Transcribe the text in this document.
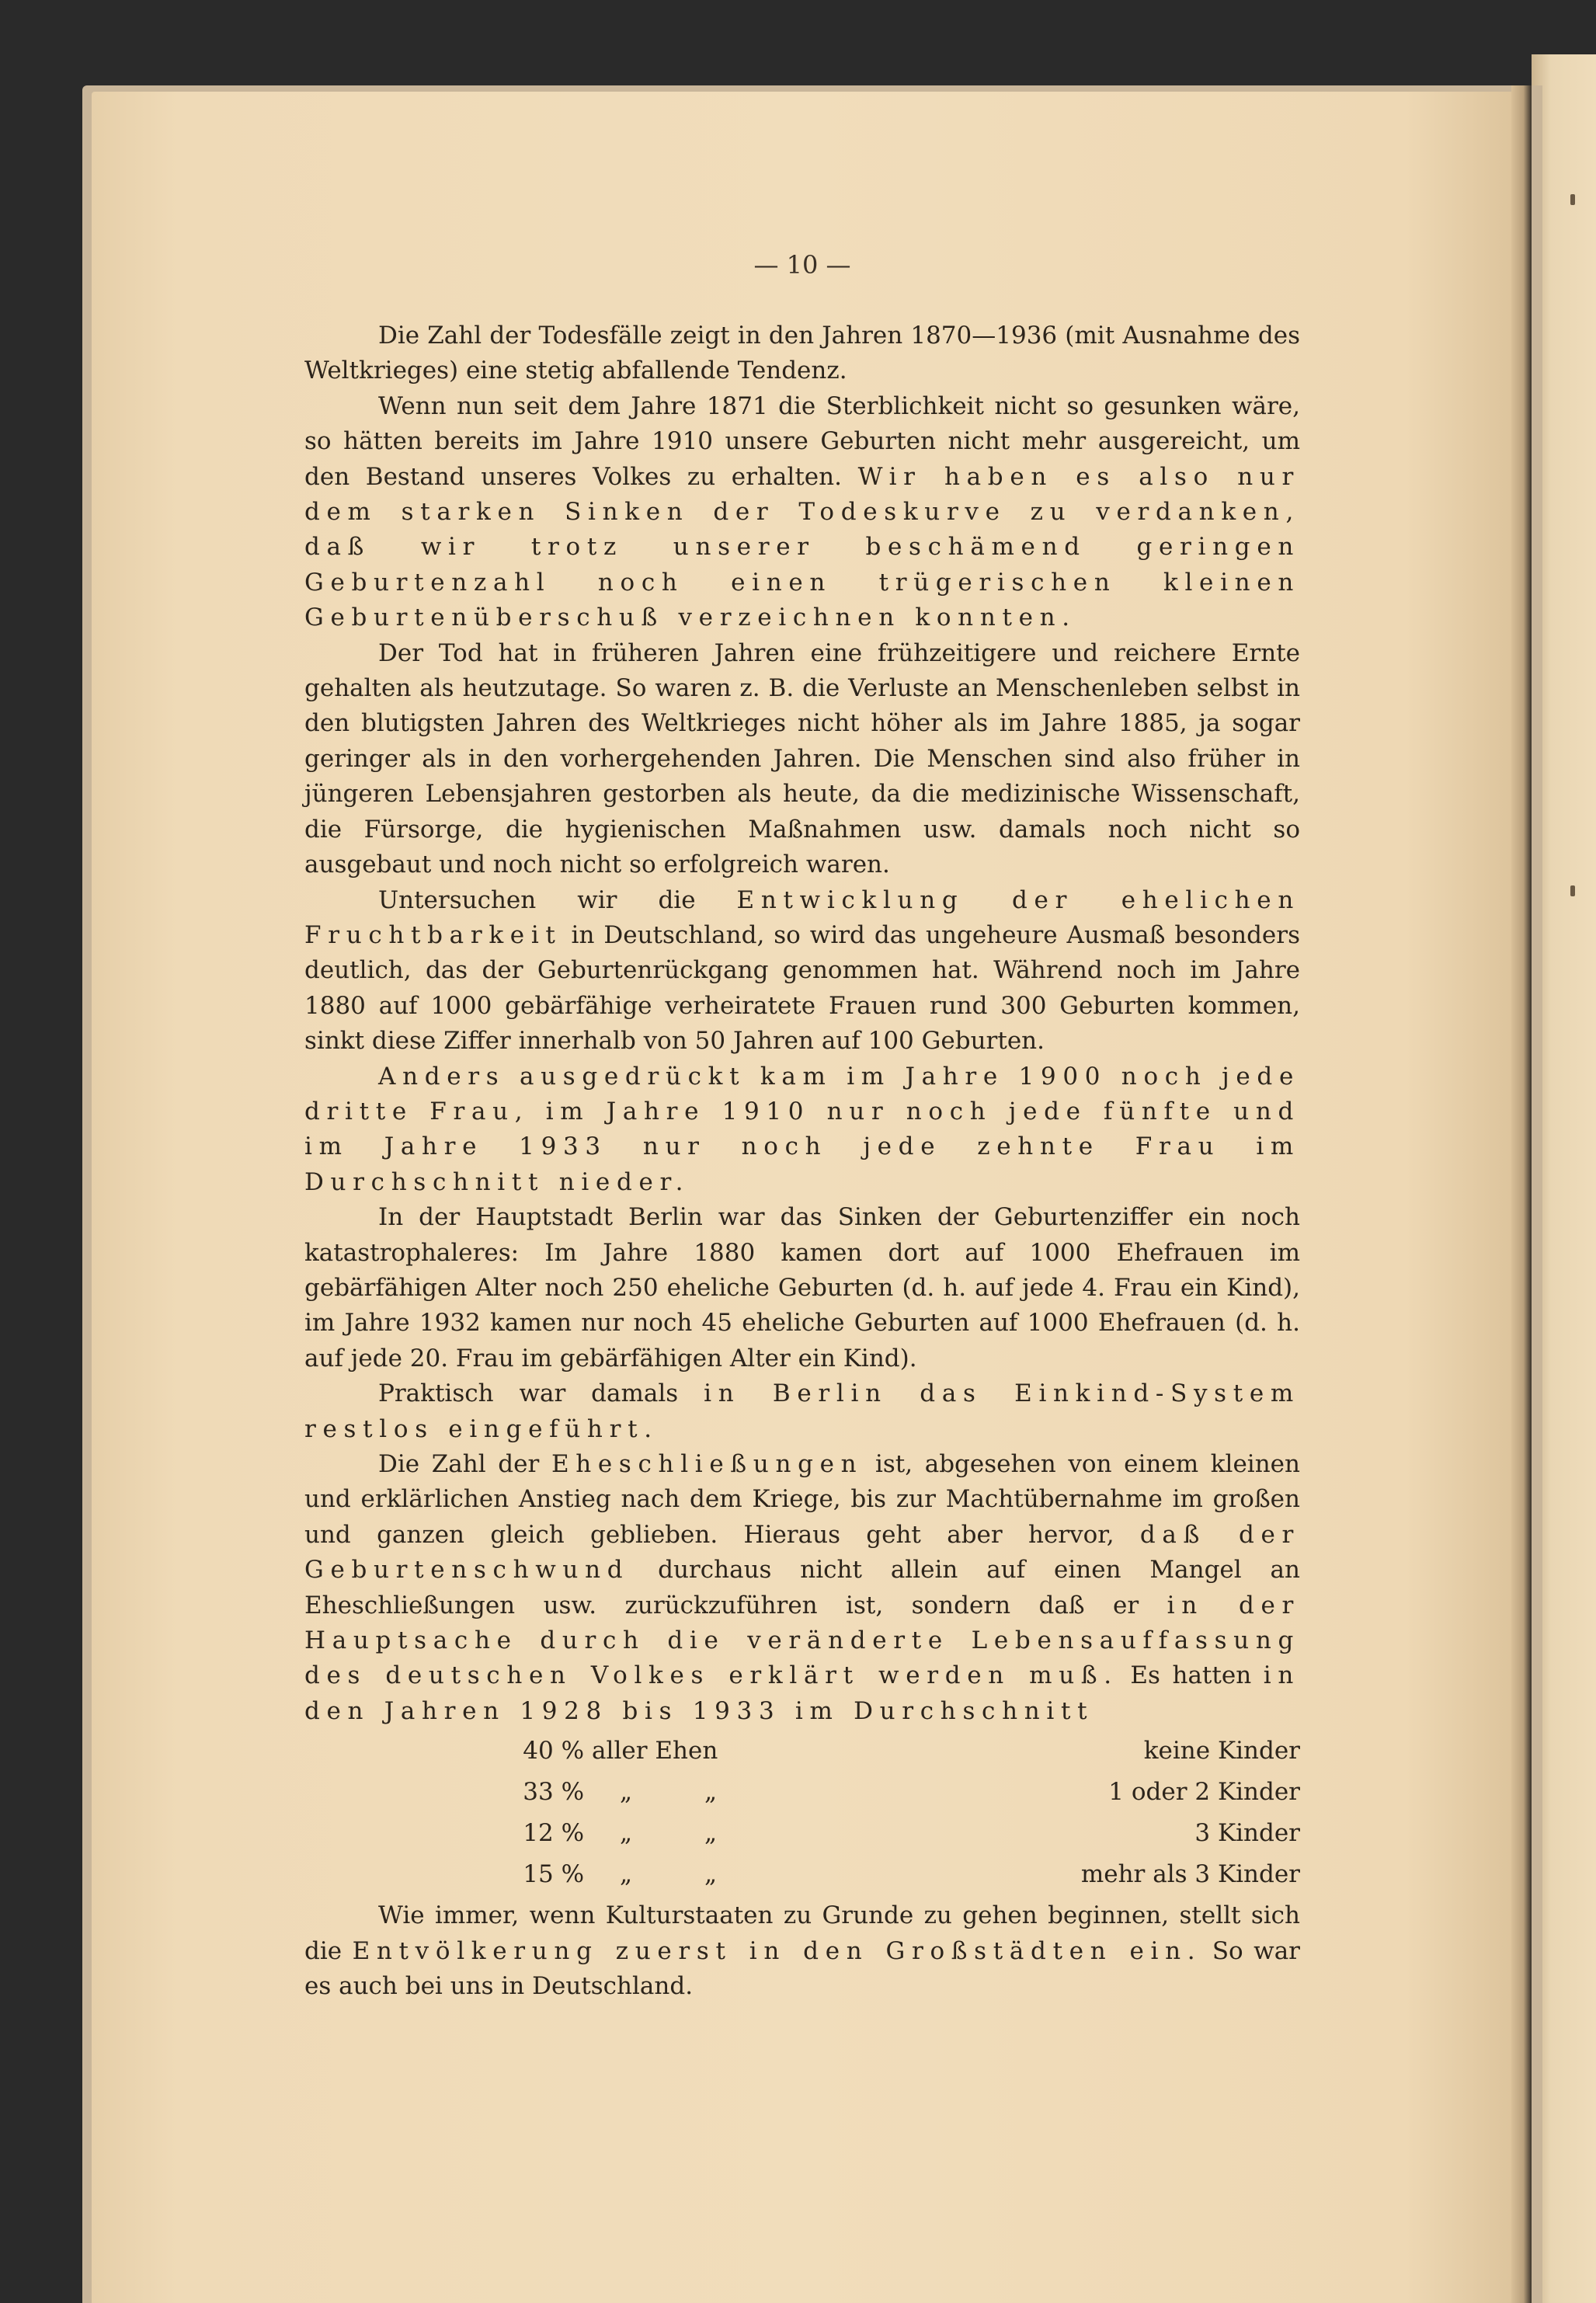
— 10 —

Die Zahl der Todesfälle zeigt in den Jahren 1870—1936 (mit Ausnahme des Weltkrieges) eine stetig abfallende Tendenz.

Wenn nun seit dem Jahre 1871 die Sterblichkeit nicht so gesunken wäre, so hätten bereits im Jahre 1910 unsere Geburten nicht mehr ausgereicht, um den Bestand unseres Volkes zu erhalten. Wir haben es also nur dem starken Sinken der Todeskurve zu verdanken, daß wir trotz unserer beschämend geringen Geburtenzahl noch einen trügerischen kleinen Geburtenüberschuß verzeichnen konnten.

Der Tod hat in früheren Jahren eine frühzeitigere und reichere Ernte gehalten als heutzutage. So waren z. B. die Verluste an Menschenleben selbst in den blutigsten Jahren des Weltkrieges nicht höher als im Jahre 1885, ja sogar geringer als in den vorhergehenden Jahren. Die Menschen sind also früher in jüngeren Lebensjahren gestorben als heute, da die medizinische Wissenschaft, die Fürsorge, die hygienischen Maßnahmen usw. damals noch nicht so ausgebaut und noch nicht so erfolgreich waren.

Untersuchen wir die Entwicklung der ehelichen Fruchtbarkeit in Deutschland, so wird das ungeheure Ausmaß besonders deutlich, das der Geburtenrückgang genommen hat. Während noch im Jahre 1880 auf 1000 gebärfähige verheiratete Frauen rund 300 Geburten kommen, sinkt diese Ziffer innerhalb von 50 Jahren auf 100 Geburten.

Anders ausgedrückt kam im Jahre 1900 noch jede dritte Frau, im Jahre 1910 nur noch jede fünfte und im Jahre 1933 nur noch jede zehnte Frau im Durchschnitt nieder.

In der Hauptstadt Berlin war das Sinken der Geburtenziffer ein noch katastrophaleres: Im Jahre 1880 kamen dort auf 1000 Ehefrauen im gebärfähigen Alter noch 250 eheliche Geburten (d. h. auf jede 4. Frau ein Kind), im Jahre 1932 kamen nur noch 45 eheliche Geburten auf 1000 Ehefrauen (d. h. auf jede 20. Frau im gebärfähigen Alter ein Kind).

Praktisch war damals in Berlin das Einkind-System restlos eingeführt.

Die Zahl der Eheschließungen ist, abgesehen von einem kleinen und erklärlichen Anstieg nach dem Kriege, bis zur Machtübernahme im großen und ganzen gleich geblieben. Hieraus geht aber hervor, daß der Geburtenschwund durchaus nicht allein auf einen Mangel an Eheschließungen usw. zurückzuführen ist, sondern daß er in der Hauptsache durch die veränderte Lebensauffassung des deutschen Volkes erklärt werden muß. Es hatten in den Jahren 1928 bis 1933 im Durchschnitt

40 %	aller Ehen		keine Kinder
33 %	„	„	1 oder 2 Kinder
12 %	„	„	3 Kinder
15 %	„	„	mehr als 3 Kinder

Wie immer, wenn Kulturstaaten zu Grunde zu gehen beginnen, stellt sich die Entvölkerung zuerst in den Großstädten ein. So war es auch bei uns in Deutschland.
